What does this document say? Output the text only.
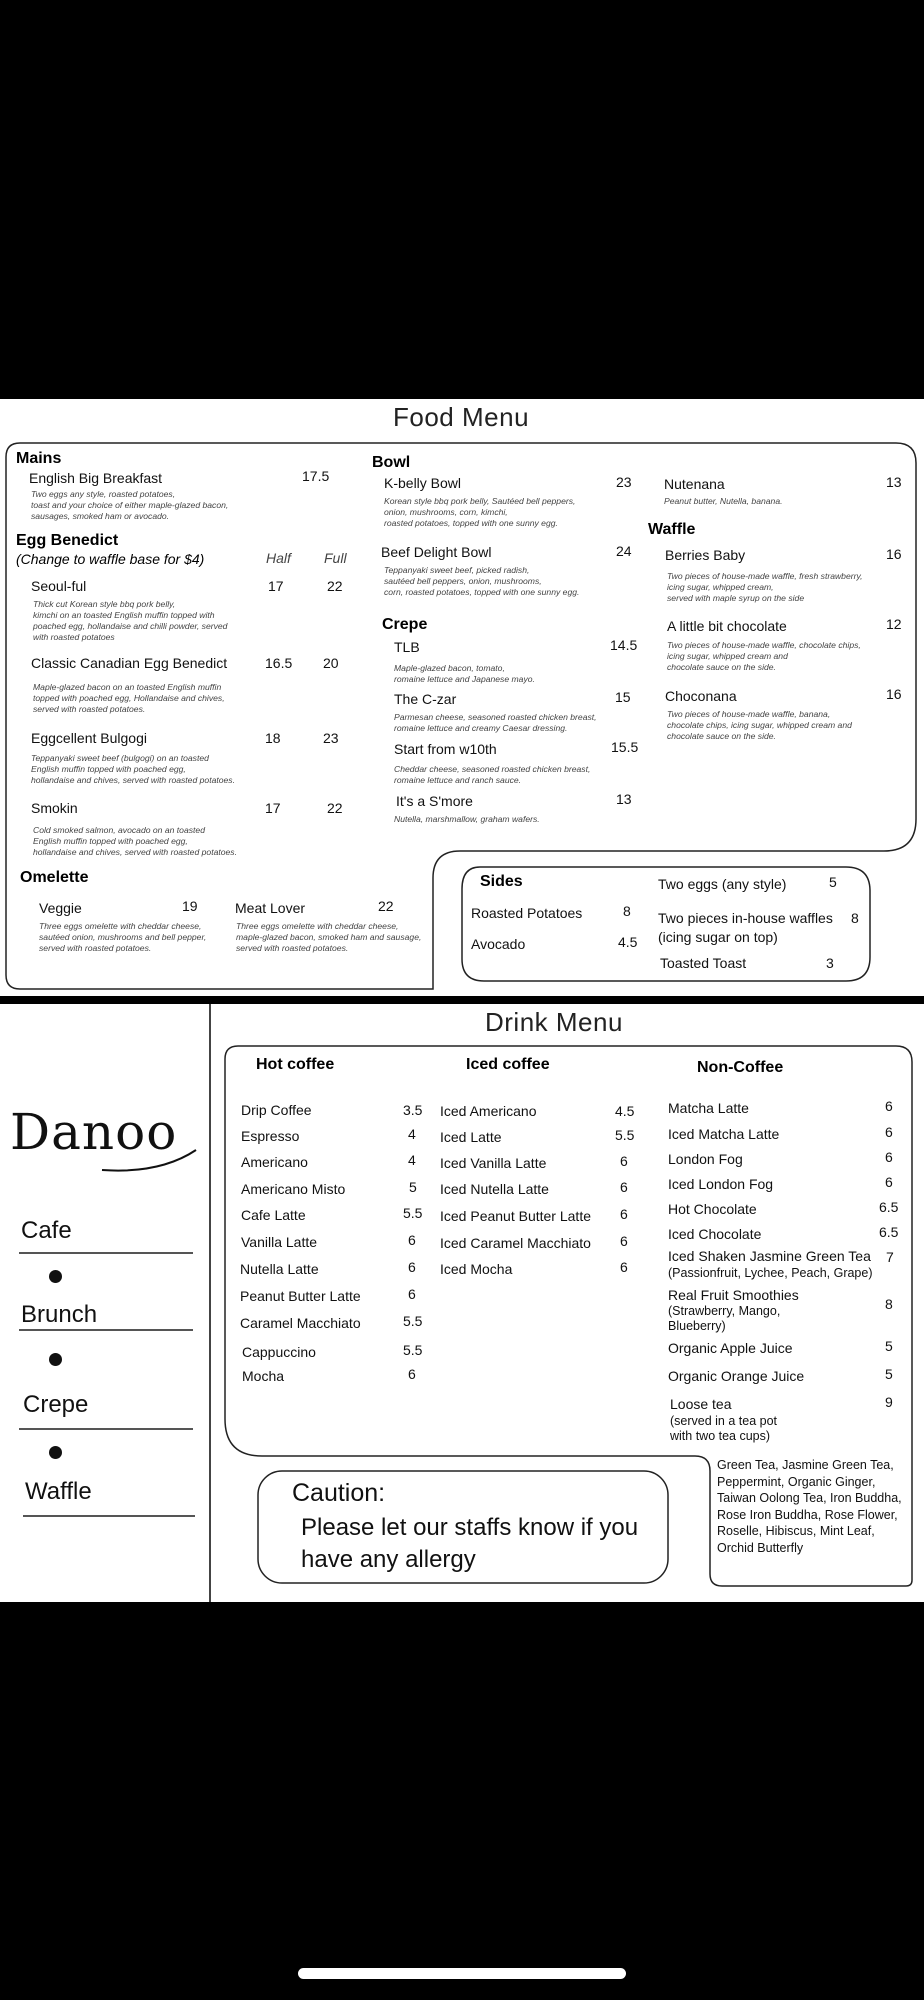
Food Menu
Mains
English Big Breakfast	17.5
Two eggs any style, roasted potatoes,
toast and your choice of either maple-glazed bacon,
sausages, smoked ham or avocado.
Egg Benedict
(Change to waffle base for $4)	Half Full
Seoul-ful	17	22
Thick cut Korean style bbq pork belly,
kimchi on an toasted English muffin topped with
poached egg, hollandaise and chilli powder, served
with roasted potatoes
Classic Canadian Egg Benedict	16.5 20
Maple-glazed bacon on an toasted English muffin
topped with poached egg, Hollandaise and chives,
served with roasted potatoes.
Eggcellent Bulgogi	18	23
Teppanyaki sweet beef (bulgogi) on an toasted
English muffin topped with poached egg,
hollandaise and chives, served with roasted potatoes.
Smokin	17	22
Cold smoked salmon, avocado on an toasted
English muffin topped with poached egg,
hollandaise and chives, served with roasted potatoes.
Omelette
Veggie	19
Three eggs omelette with cheddar cheese,
sautéed onion, mushrooms and bell pepper,
served with roasted potatoes.
Meat Lover	22
Three eggs omelette with cheddar cheese,
maple-glazed bacon, smoked ham and sausage,
served with roasted potatoes.
Bowl
K-belly Bowl	23
Korean style bbq pork belly, Sautéed bell peppers,
onion, mushrooms, corn, kimchi,
roasted potatoes, topped with one sunny egg.
Beef Delight Bowl	24
Teppanyaki sweet beef, picked radish,
sautéed bell peppers, onion, mushrooms,
corn, roasted potatoes, topped with one sunny egg.
Crepe
TLB	14.5
Maple-glazed bacon, tomato,
romaine lettuce and Japanese mayo.
The C-zar	15
Parmesan cheese, seasoned roasted chicken breast,
romaine lettuce and creamy Caesar dressing.
Start from w10th	15.5
Cheddar cheese, seasoned roasted chicken breast,
romaine lettuce and ranch sauce.
It's a S'more	13
Nutella, marshmallow, graham wafers.
Nutenana	13
Peanut butter, Nutella, banana.
Waffle
Berries Baby	16
Two pieces of house-made waffle, fresh strawberry,
icing sugar, whipped cream,
served with maple syrup on the side
A little bit chocolate	12
Two pieces of house-made waffle, chocolate chips,
icing sugar, whipped cream and
chocolate sauce on the side.
Choconana	16
Two pieces of house-made waffle, banana,
chocolate chips, icing sugar, whipped cream and
chocolate sauce on the side.
Sides
Roasted Potatoes	8
Avocado	4.5
Two eggs (any style)	5
Two pieces in-house waffles
(icing sugar on top)
8
Toasted Toast	3
Drink Menu
Danoo
Cafe
Brunch
Crepe
Waffle
Hot coffee
Drip Coffee	3.5
Espresso	4
Americano	4
Americano Misto	5
Cafe Latte	5.5
Vanilla Latte	6
Nutella Latte	6
Peanut Butter Latte	6
Caramel Macchiato	5.5
Cappuccino	5.5
Mocha	6
Iced coffee
Iced Americano	4.5
Iced Latte	5.5
Iced Vanilla Latte	6
Iced Nutella Latte	6
Iced Peanut Butter Latte 6
Iced Caramel Macchiato 6
Iced Mocha	6
Non-Coffee
Matcha Latte	6
Iced Matcha Latte	6
London Fog	6
Iced London Fog	6
Hot Chocolate	6.5
Iced Chocolate	6.5
Iced Shaken Jasmine Green Tea
(Passionfruit, Lychee, Peach, Grape)
7
Real Fruit Smoothies
(Strawberry, Mango,
Blueberry)
8
Organic Apple Juice	5
Organic Orange Juice	5
Loose tea
(served in a tea pot
with two tea cups)
9
Green Tea, Jasmine Green Tea, Peppermint, Organic Ginger, Taiwan Oolong Tea, Iron Buddha, Rose Iron Buddha, Rose Flower, Roselle, Hibiscus, Mint Leaf, Orchid Butterfly
Caution:
Please let our staffs know if you have any allergy
